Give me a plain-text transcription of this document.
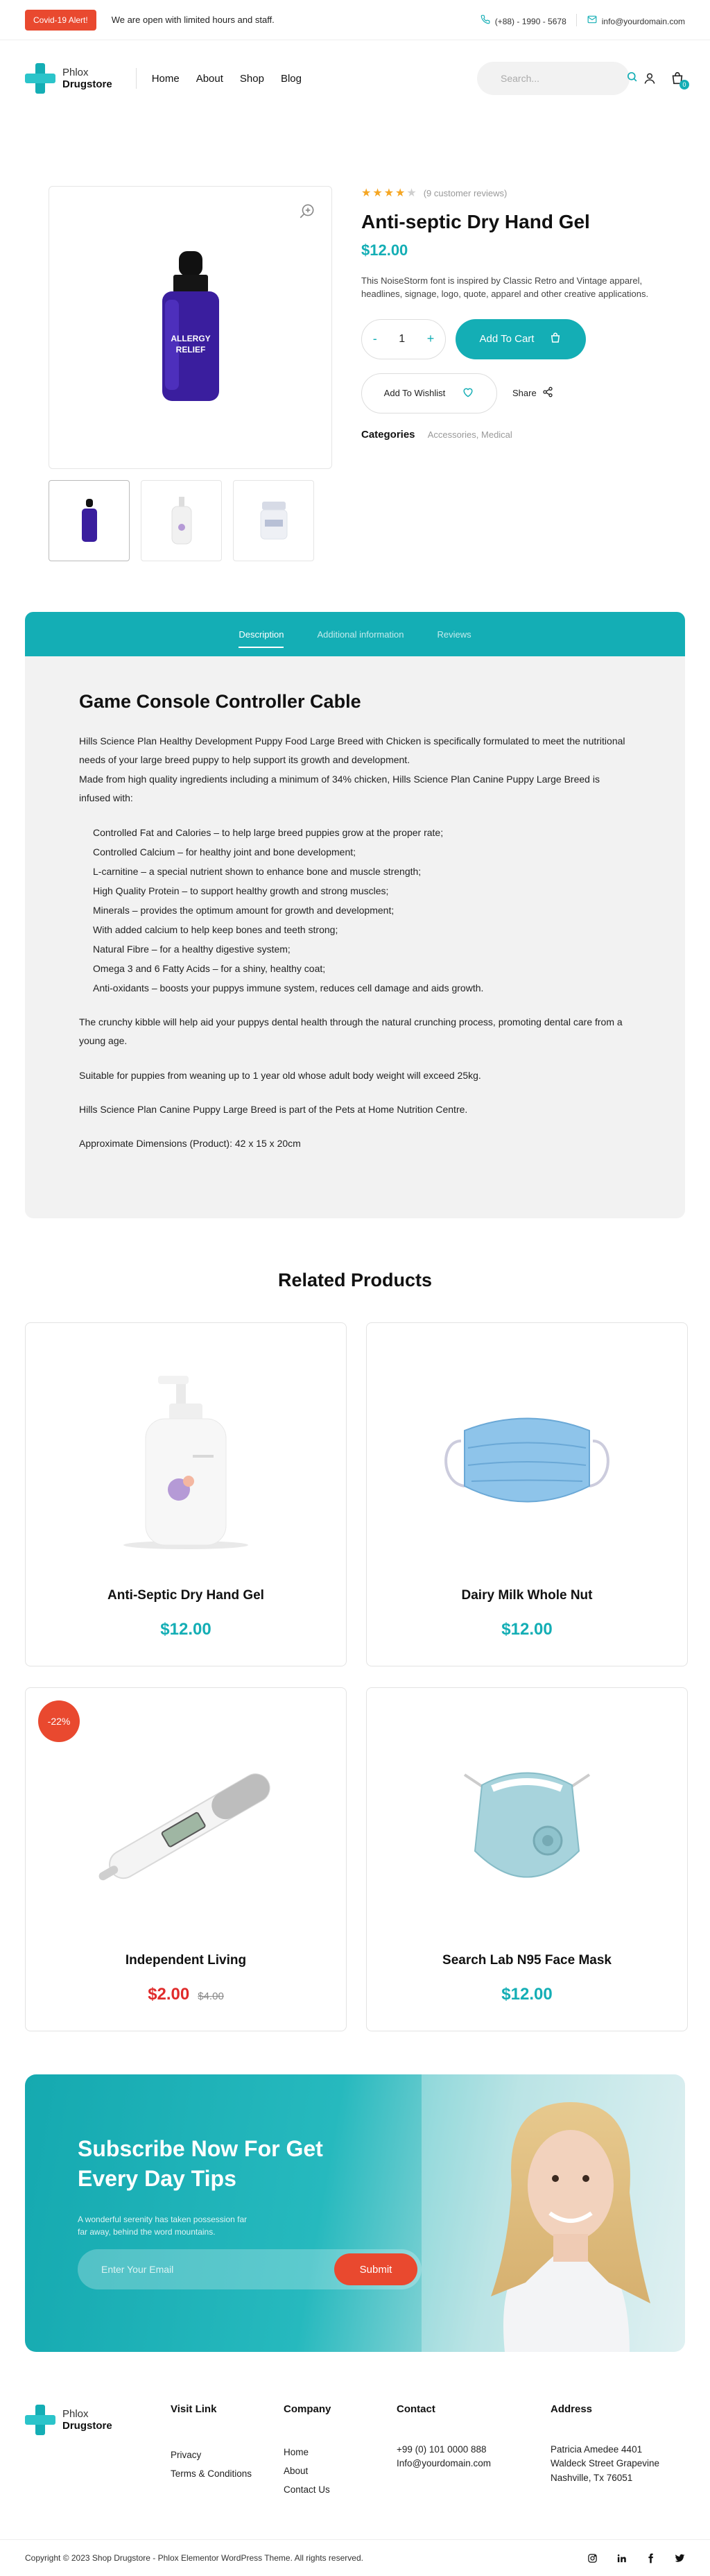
Covid-19 Alert!	We are open with limited hours and staff.	(+88) - 1990 - 5678	info@yourdomain.com
Phlox
Drugstore	Home About Shop Blog
Search...
0
ALLERGY
RELIEF
★ ★ ★ ★ ★ (9 customer reviews)
Anti-septic Dry Hand Gel
$12.00
This NoiseStorm font is inspired by Classic Retro and Vintage apparel, headlines, signage, logo, quote, apparel and other creative applications.
- 1 +	Add To Cart
Add To Wishlist	Share
Categories Accessories, Medical
Description	Additional information	Reviews
Game Console Controller Cable
Hills Science Plan Healthy Development Puppy Food Large Breed with Chicken is specifically formulated to meet the nutritional
needs of your large breed puppy to help support its growth and development.
Made from high quality ingredients including a minimum of 34% chicken, Hills Science Plan Canine Puppy Large Breed is infused with:
Controlled Fat and Calories – to help large breed puppies grow at the proper rate;
Controlled Calcium – for healthy joint and bone development;
L-carnitine – a special nutrient shown to enhance bone and muscle strength;
High Quality Protein – to support healthy growth and strong muscles;
Minerals – provides the optimum amount for growth and development;
With added calcium to help keep bones and teeth strong;
Natural Fibre – for a healthy digestive system;
Omega 3 and 6 Fatty Acids – for a shiny, healthy coat;
Anti-oxidants – boosts your puppys immune system, reduces cell damage and aids growth.
The crunchy kibble will help aid your puppys dental health through the natural crunching process, promoting dental care from a young age.
Suitable for puppies from weaning up to 1 year old whose adult body weight will exceed 25kg.
Hills Science Plan Canine Puppy Large Breed is part of the Pets at Home Nutrition Centre.
Approximate Dimensions (Product): 42 x 15 x 20cm
Related Products
Anti-Septic Dry Hand Gel
$12.00
Dairy Milk Whole Nut
$12.00
-22%
Independent Living
$2.00 $4.00
Search Lab N95 Face Mask
$12.00
Subscribe Now For Get Every Day Tips
A wonderful serenity has taken possession far far away, behind the word mountains.
Enter Your Email
Submit
Phlox
Drugstore
Visit Link
Privacy
Terms & Conditions
Company
Home
About
Contact Us
Contact
+99 (0) 101 0000 888
Info@yourdomain.com
Address
Patricia Amedee 4401
Waldeck Street Grapevine
Nashville, Tx 76051
Copyright © 2023 Shop Drugstore - Phlox Elementor WordPress Theme. All rights reserved.
